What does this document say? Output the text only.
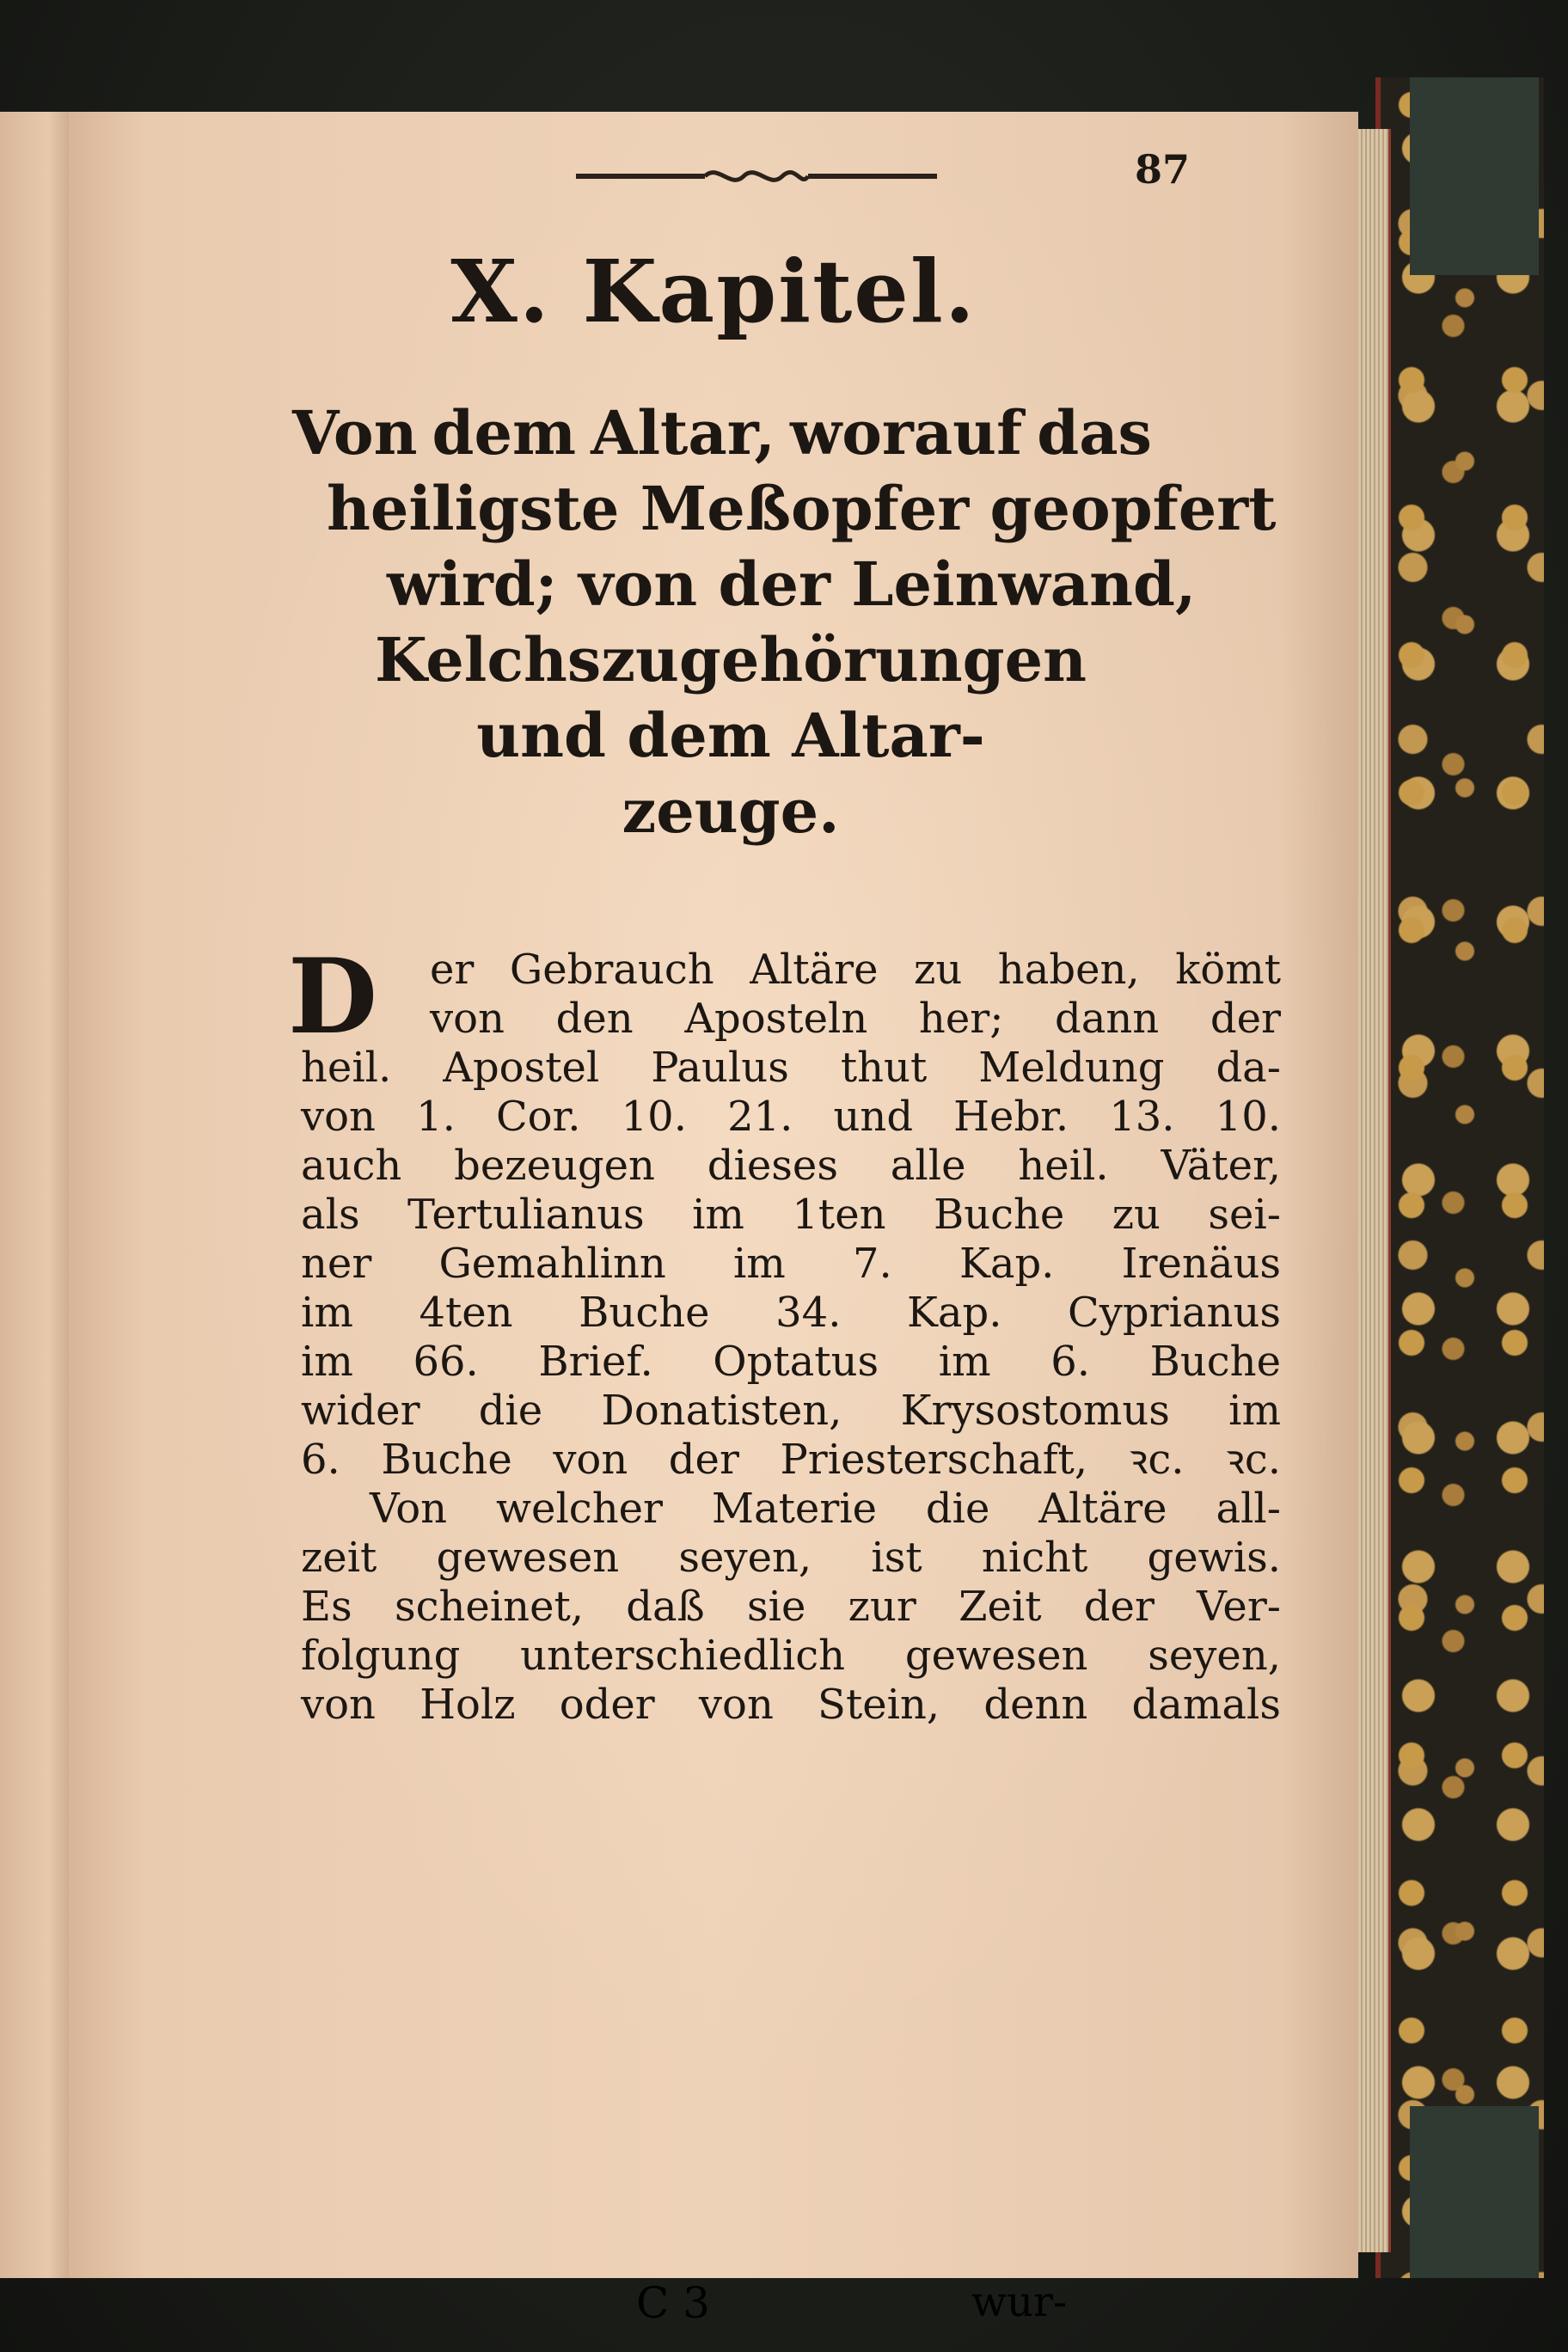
87
X. Kapitel.
Von dem Altar, worauf das
heiligste Meßopfer geopfert
wird; von der Leinwand,
Kelchszugehörungen
und dem Altar-
zeuge.
D	er Gebrauch Altäre zu haben, kömt
von den Aposteln her; dann der
heil. Apostel Paulus thut Meldung da-
von 1. Cor. 10. 21. und Hebr. 13. 10.
auch bezeugen dieses alle heil. Väter,
als Tertulianus im 1ten Buche zu sei-
ner Gemahlinn im 7. Kap. Irenäus
im 4ten Buche 34. Kap. Cyprianus
im 66. Brief. Optatus im 6. Buche
wider die Donatisten, Krysostomus im
6. Buche von der Priesterschaft, ꝛc. ꝛc.
Von welcher Materie die Altäre all-
zeit gewesen seyen, ist nicht gewis.
Es scheinet, daß sie zur Zeit der Ver-
folgung unterschiedlich gewesen seyen,
von Holz oder von Stein, denn damals
C 3	wur-
